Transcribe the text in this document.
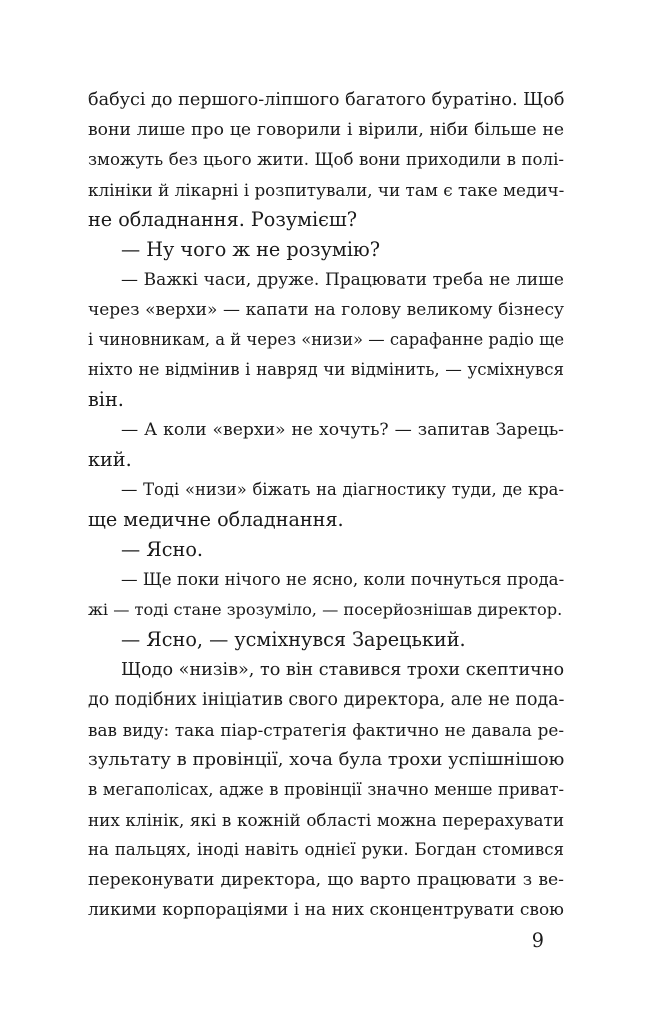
бабусі до першого-ліпшого багатого буратіно. Щоб
вони лише про це говорили і вірили, ніби більше не
зможуть без цього жити. Щоб вони приходили в полі-
клініки й лікарні і розпитували, чи там є таке медич-
не обладнання. Розумієш?
— Ну чого ж не розумію?
— Важкі часи, друже. Працювати треба не лише
через «верхи» — капати на голову великому бізнесу
і чиновникам, а й через «низи» — сарафанне радіо ще
ніхто не відмінив і навряд чи відмінить, — усміхнувся
він.
— А коли «верхи» не хочуть? — запитав Зарець-
кий.
— Тоді «низи» біжать на діагностику туди, де кра-
ще медичне обладнання.
— Ясно.
— Ще поки нічого не ясно, коли почнуться прода-
жі — тоді стане зрозуміло, — посерйознішав директор.
— Ясно, — усміхнувся Зарецький.
Щодо «низів», то він ставився трохи скептично
до подібних ініціатив свого директора, але не пода-
вав виду: така піар-стратегія фактично не давала ре-
зультату в провінції, хоча була трохи успішнішою
в мегаполісах, адже в провінції значно менше приват-
них клінік, які в кожній області можна перерахувати
на пальцях, іноді навіть однієї руки. Богдан стомився
переконувати директора, що варто працювати з ве-
ликими корпораціями і на них сконцентрувати свою
9
